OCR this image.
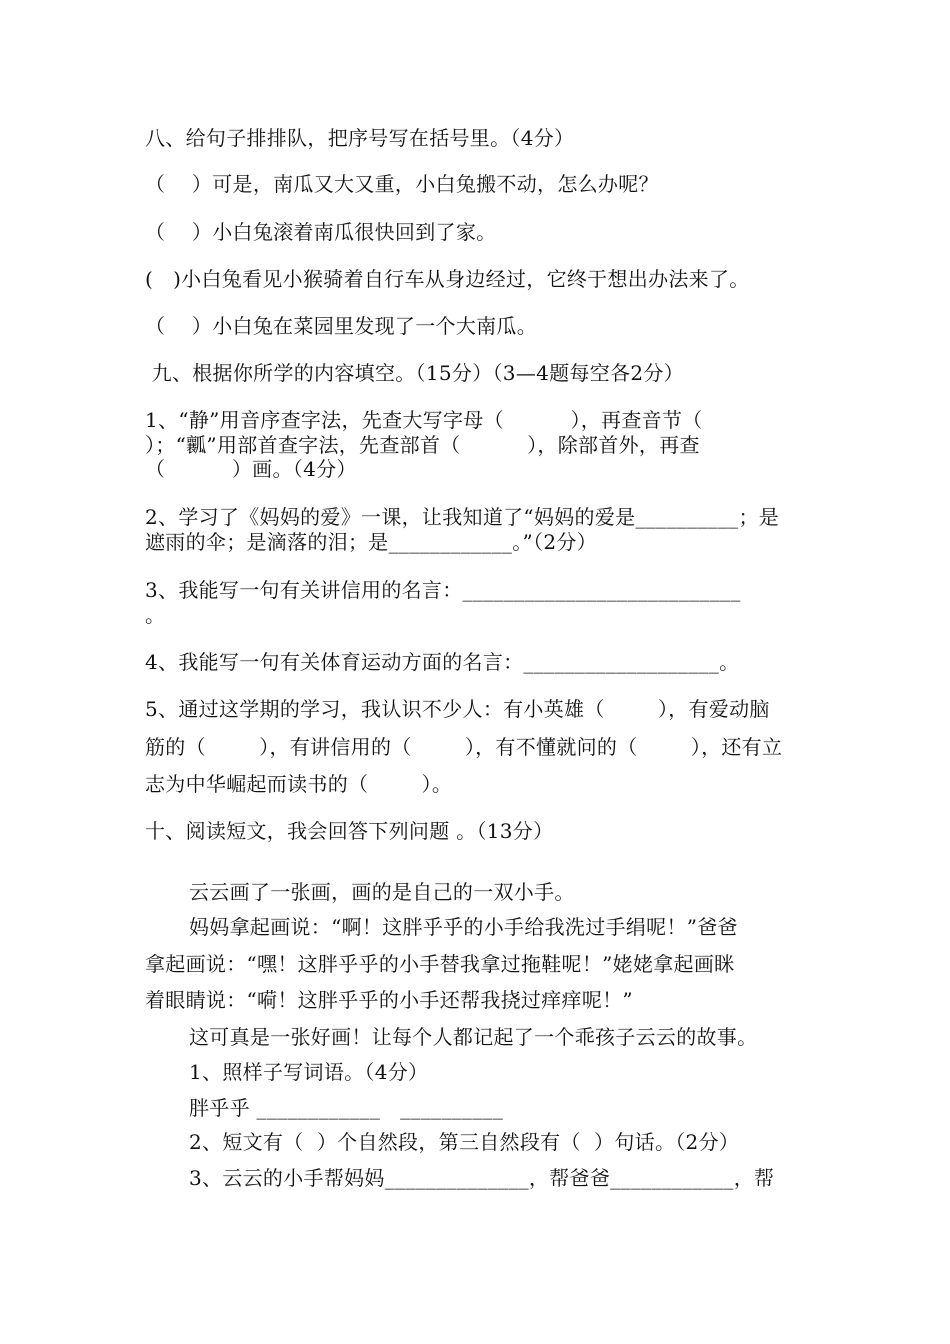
八、给句子排排队，把序号写在括号里。（4分）
（    ）可是，南瓜又大又重，小白兔搬不动，怎么办呢？
（    ）小白兔滚着南瓜很快回到了家。
(   )小白兔看见小猴骑着自行车从身边经过，它终于想出办法来了。
（    ）小白兔在菜园里发现了一个大南瓜。
九、根据你所学的内容填空。（15分）（3—4题每空各2分）
1、“静”用音序查字法，先查大写字母（          ），再查音节（
）；“瓤”用部首查字法，先查部首（          ），除部首外，再查
（          ）画。（4分）
2、学习了《妈妈的爱》一课，让我知道了“妈妈的爱是__________；是
遮雨的伞；是滴落的泪；是____________。”（2分）
3、我能写一句有关讲信用的名言：___________________________
。
4、我能写一句有关体育运动方面的名言：___________________。
5、通过这学期的学习，我认识不少人：有小英雄（        ），有爱动脑
筋的（        ），有讲信用的（        ），有不懂就问的（        ），还有立
志为中华崛起而读书的（        ）。
十、阅读短文，我会回答下列问题 。（13分）
云云画了一张画，画的是自己的一双小手。
妈妈拿起画说：“啊！这胖乎乎的小手给我洗过手绢呢！”爸爸
拿起画说：“嘿！这胖乎乎的小手替我拿过拖鞋呢！”姥姥拿起画眯
着眼睛说：“嗬！这胖乎乎的小手还帮我挠过痒痒呢！”
这可真是一张好画！让每个人都记起了一个乖孩子云云的故事。
1、照样子写词语。（4分）
胖乎乎 ____________   __________
2、短文有（  ）个自然段，第三自然段有（  ）句话。（2分）
3、云云的小手帮妈妈______________，帮爸爸____________，帮
